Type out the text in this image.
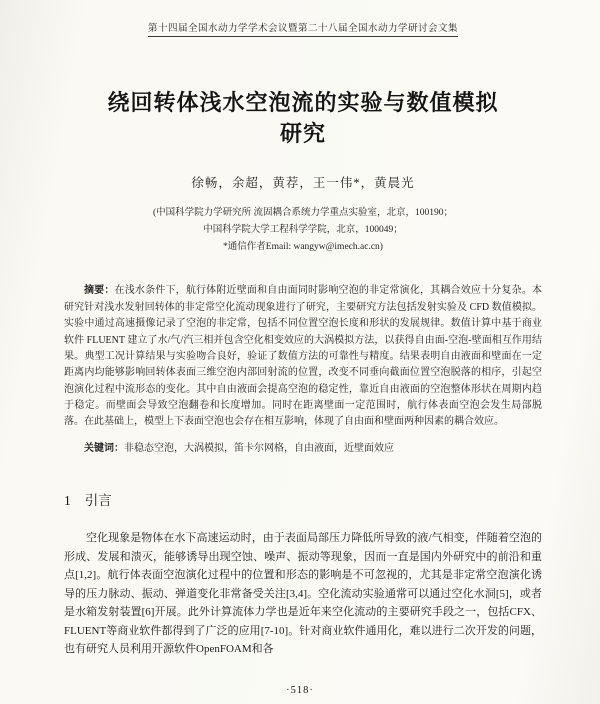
第十四届全国水动力学学术会议暨第二十八届全国水动力学研讨会文集
绕回转体浅水空泡流的实验与数值模拟
研究
徐畅，余超，黄荐，王一伟*，黄晨光
(中国科学院力学研究所 流固耦合系统力学重点实验室，北京，100190；
中国科学院大学工程科学学院，北京，100049；
*通信作者Email: wangyw@imech.ac.cn)

摘要：在浅水条件下，航行体附近壁面和自由面同时影响空泡的非定常演化，其耦合效应十分复杂。本研究针对浅水发射回转体的非定常空化流动现象进行了研究，主要研究方法包括发射实验及 CFD 数值模拟。实验中通过高速摄像记录了空泡的非定常，包括不同位置空泡长度和形状的发展规律。数值计算中基于商业软件 FLUENT 建立了水/气/汽三相并包含空化相变效应的大涡模拟方法，以获得自由面-空泡-壁面相互作用结果。典型工况计算结果与实验吻合良好，验证了数值方法的可靠性与精度。结果表明自由液面和壁面在一定距离内均能够影响回转体表面三维空泡内部回射流的位置，改变不同垂向截面位置空泡脱落的相序，引起空泡演化过程中流形态的变化。其中自由液面会提高空泡的稳定性，靠近自由液面的空泡整体形状在周期内趋于稳定。而壁面会导致空泡翻卷和长度增加。同时在距离壁面一定范围时，航行体表面空泡会发生局部脱落。在此基础上，模型上下表面空泡也会存在相互影响，体现了自由面和壁面两种因素的耦合效应。

关键词：非稳态空泡，大涡模拟，笛卡尔网格，自由液面，近壁面效应

1 引言

空化现象是物体在水下高速运动时，由于表面局部压力降低所导致的液/气相变，伴随着空泡的形成、发展和溃灭，能够诱导出现空蚀、噪声、振动等现象，因而一直是国内外研究中的前沿和重点[1,2]。航行体表面空泡演化过程中的位置和形态的影响是不可忽视的，尤其是非定常空泡演化诱导的压力脉动、振动、弹道变化非常备受关注[3,4]。空化流动实验通常可以通过空化水洞[5]，或者是水箱发射装置[6]开展。此外计算流体力学也是近年来空化流动的主要研究手段之一，包括CFX、FLUENT等商业软件都得到了广泛的应用[7-10]。针对商业软件通用化，难以进行二次开发的问题，也有研究人员利用开源软件OpenFOAM和各

·518·
